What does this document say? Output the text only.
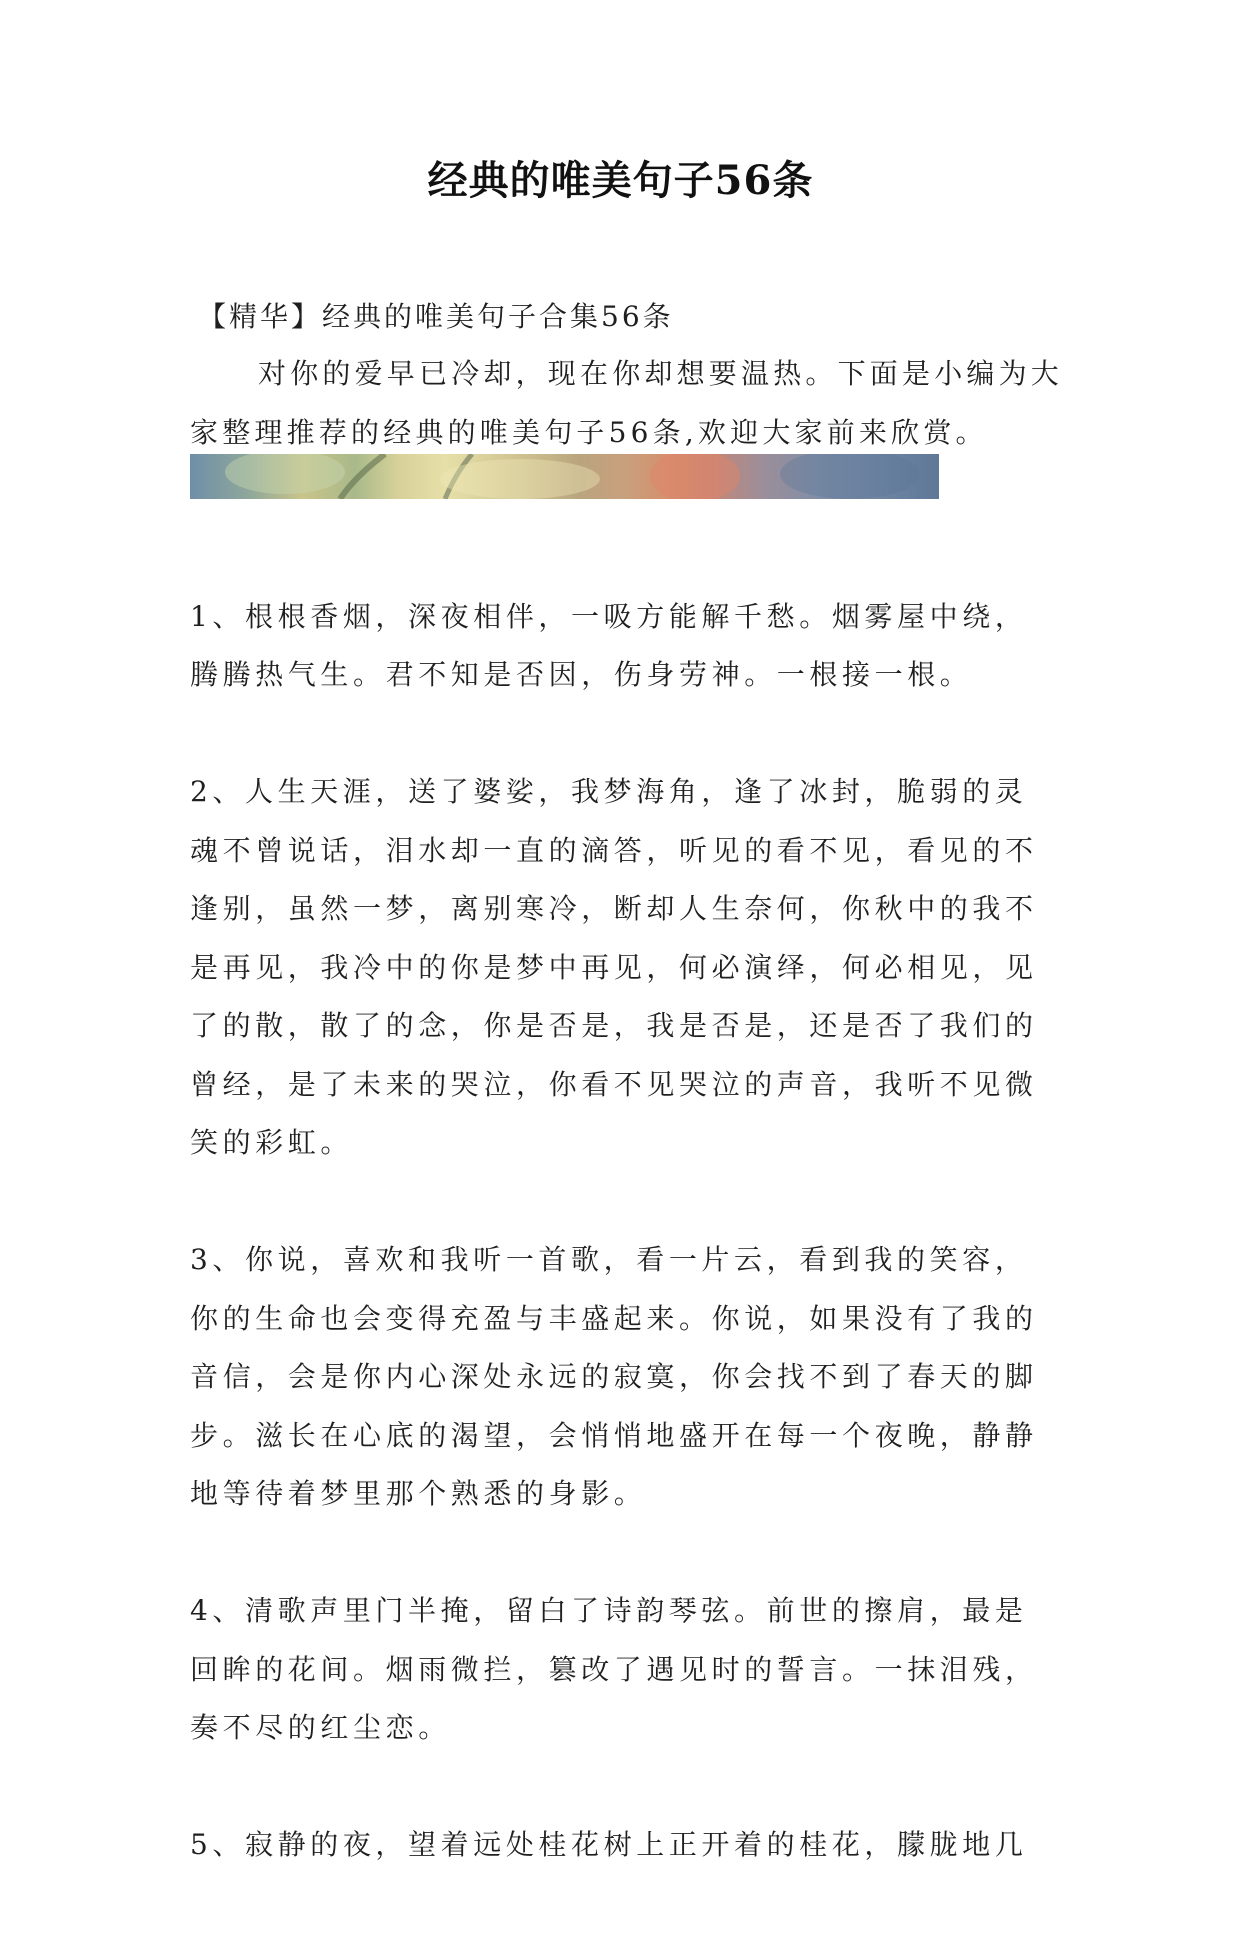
经典的唯美句子56条
【精华】经典的唯美句子合集56条
对你的爱早已冷却，现在你却想要温热。下面是小编为大家整理推荐的经典的唯美句子56条,欢迎大家前来欣赏。

1、根根香烟，深夜相伴，一吸方能解千愁。烟雾屋中绕，
腾腾热气生。君不知是否因，伤身劳神。一根接一根。

2、人生天涯，送了婆娑，我梦海角，逢了冰封，脆弱的灵
魂不曾说话，泪水却一直的滴答，听见的看不见，看见的不
逢别，虽然一梦，离别寒冷，断却人生奈何，你秋中的我不
是再见，我冷中的你是梦中再见，何必演绎，何必相见，见
了的散，散了的念，你是否是，我是否是，还是否了我们的
曾经，是了未来的哭泣，你看不见哭泣的声音，我听不见微
笑的彩虹。

3、你说，喜欢和我听一首歌，看一片云，看到我的笑容，
你的生命也会变得充盈与丰盛起来。你说，如果没有了我的
音信，会是你内心深处永远的寂寞，你会找不到了春天的脚
步。滋长在心底的渴望，会悄悄地盛开在每一个夜晚，静静
地等待着梦里那个熟悉的身影。

4、清歌声里门半掩，留白了诗韵琴弦。前世的擦肩，最是
回眸的花间。烟雨微拦，篡改了遇见时的誓言。一抹泪残，
奏不尽的红尘恋。

5、寂静的夜，望着远处桂花树上正开着的桂花，朦胧地几
